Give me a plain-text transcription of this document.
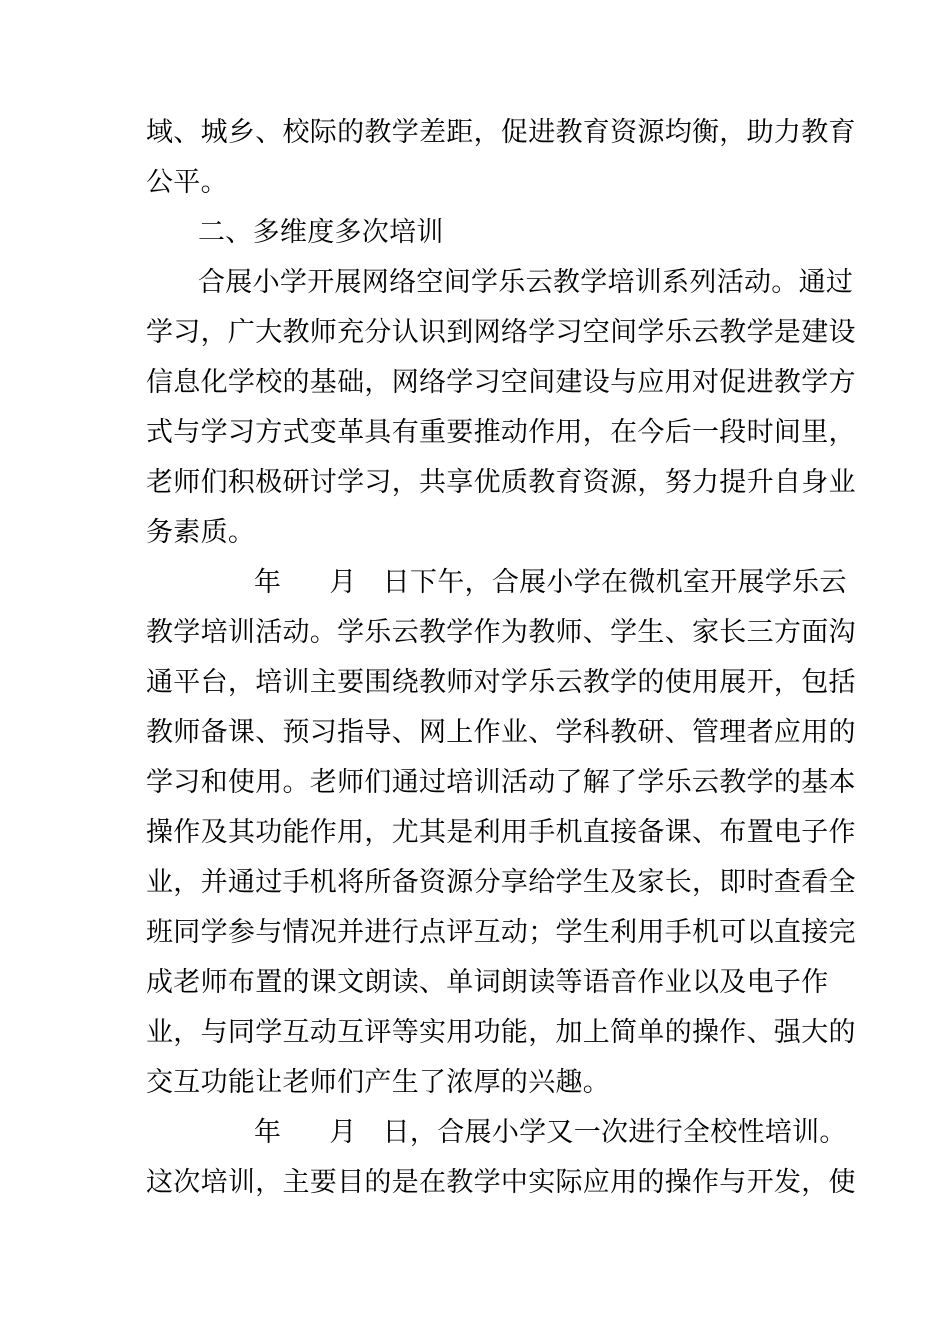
域、城乡、校际的教学差距，促进教育资源均衡，助力教育
公平。
二、多维度多次培训
合展小学开展网络空间学乐云教学培训系列活动。通过
学习，广大教师充分认识到网络学习空间学乐云教学是建设
信息化学校的基础，网络学习空间建设与应用对促进教学方
式与学习方式变革具有重要推动作用，在今后一段时间里，
老师们积极研讨学习，共享优质教育资源，努力提升自身业
务素质。
年 月 日下午，合展小学在微机室开展学乐云
教学培训活动。学乐云教学作为教师、学生、家长三方面沟
通平台，培训主要围绕教师对学乐云教学的使用展开，包括
教师备课、预习指导、网上作业、学科教研、管理者应用的
学习和使用。老师们通过培训活动了解了学乐云教学的基本
操作及其功能作用，尤其是利用手机直接备课、布置电子作
业，并通过手机将所备资源分享给学生及家长，即时查看全
班同学参与情况并进行点评互动；学生利用手机可以直接完
成老师布置的课文朗读、单词朗读等语音作业以及电子作
业，与同学互动互评等实用功能，加上简单的操作、强大的
交互功能让老师们产生了浓厚的兴趣。
年 月 日，合展小学又一次进行全校性培训。
这次培训，主要目的是在教学中实际应用的操作与开发，使
